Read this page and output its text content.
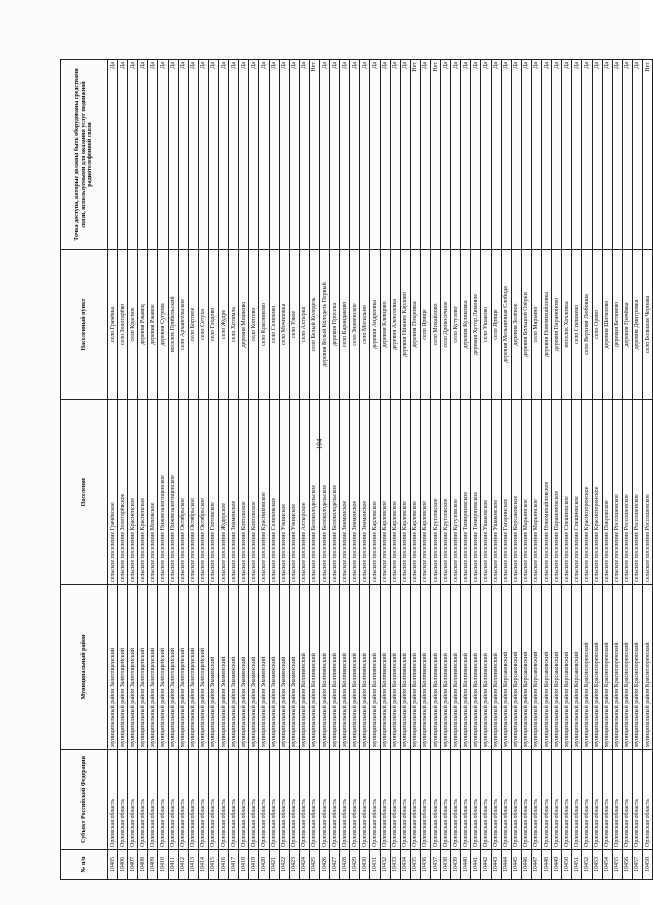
104
№ п/п	Субъект Российской Федерации	Муниципальный район	Поселение	Населенный пункт	Точка доступа, которые должны быть оборудованы средствами связи, используемыми для оказания услуг подвижной радиотелефонной связи
10405	Орловская область	муниципальный район Залегощенский	сельское поселение Грачёвское	село Грачёвка	Да
10406	Орловская область	муниципальный район Залегощенский	сельское поселение Золотарёвское	село Золотарёво	Да
10407	Орловская область	муниципальный район Залегощенский	сельское поселение Красненское	село Красное	Да
10408	Орловская область	муниципальный район Залегощенский	сельское поселение Красненское	деревня Ржавец	Да
10409	Орловская область	муниципальный район Залегощенский	сельское поселение Моховское	деревня Ржавое	Да
10410	Орловская область	муниципальный район Залегощенский	сельское поселение Нижнезалегощенское	деревня Сугрова	Да
10411	Орловская область	муниципальный район Залегощенский	сельское поселение Нижнезалегощенское	поселок Прибельский	Да
10412	Орловская область	муниципальный район Залегощенский	сельское поселение Октябрьское	село Архангельское	Да
10413	Орловская область	муниципальный район Залегощенский	сельское поселение Октябрьское	село Бортное	Да
10414	Орловская область	муниципальный район Залегощенский	сельское поселение Октябрьское	село Сетуха	Да
10415	Орловская область	муниципальный район Знаменский	сельское поселение Глотовское	село Глодово	Да
10416	Орловская область	муниципальный район Знаменский	сельское поселение Жудерское	село Жудре	Да
10417	Орловская область	муниципальный район Знаменский	сельское поселение Знаменское	село Хотимль	Да
10418	Орловская область	муниципальный район Знаменский	сельское поселение Коптевское	деревня Мешково	Да
10419	Орловская область	муниципальный район Знаменский	сельское поселение Коптевское	село Коптево	Да
10420	Орловская область	муниципальный район Знаменский	сельское поселение Красниковское	село Красниково	Да
10421	Орловская область	муниципальный район Знаменский	сельское поселение Селиховское	село Селихово	Да
10422	Орловская область	муниципальный район Знаменский	сельское поселение Узкинское	село Мочиловка	Да
10423	Орловская область	муниципальный район Знаменский	сельское поселение Узкинское	село Узкое	Да
10424	Орловская область	муниципальный район Колпнянский	сельское поселение Ахтырское	село Ахтырка	Да
10425	Орловская область	муниципальный район Колпнянский	сельское поселение Белоколодезьское	село Белый Колодезь	Нет
10426	Орловская область	муниципальный район Колпнянский	сельское поселение Белоколодезьское	деревня Белый Колодезь Первый	Да
10427	Орловская область	муниципальный район Колпнянский	сельское поселение Белоколодезьское	деревня Просека	Да
10428	Орловская область	муниципальный район Колпнянский	сельское поселение Знаменское	село Карандаково	Да
10429	Орловская область	муниципальный район Колпнянский	сельское поселение Знаменское	село Знаменское	Да
10430	Орловская область	муниципальный район Колпнянский	сельское поселение Знаменское	село Могильно	Да
10431	Орловская область	муниципальный район Колпнянский	сельское поселение Карловское	деревня Андреевка	Да
10432	Орловская область	муниципальный район Колпнянский	сельское поселение Карловское	деревня Клевцово	Да
10433	Орловская область	муниципальный район Колпнянский	сельское поселение Карловское	деревня Алексеевка	Да
10434	Орловская область	муниципальный район Колпнянский	сельское поселение Карловское	деревня Нижнее Карлово	Да
10435	Орловская область	муниципальный район Колпнянский	сельское поселение Карловское	деревня Покровка	Нет
10436	Орловская область	муниципальный район Колпнянский	сельское поселение Карловское	село Ярище	Да
10437	Орловская область	муниципальный район Колпнянский	сельское поселение Кругловское	село Михайлово	Нет
10438	Орловская область	муниципальный район Колпнянский	сельское поселение Кругловское	село Дровосечное	Да
10439	Орловская область	муниципальный район Колпнянский	сельское поселение Кутузовское	село Кутузово	Да
10440	Орловская область	муниципальный район Колпнянский	сельское поселение Тимирязевское	деревня Куликовка	Да
10441	Орловская область	муниципальный район Колпнянский	сельское поселение Тимирязевское	деревня Хутор Лимовое	Да
10442	Орловская область	муниципальный район Колпнянский	сельское поселение Ушаковское	село Ушаково	Да
10443	Орловская область	муниципальный район Колпнянский	сельское поселение Ушаковское	село Ярище	Да
10444	Орловская область	муниципальный район Корсаковский	сельское поселение Гагаринское	деревня Мельничная Слобода	Да
10445	Орловская область	муниципальный район Корсаковский	сельское поселение Корсаковское	деревня Зелёное	Да
10446	Орловская область	муниципальный район Корсаковский	сельское поселение Марьинское	деревня Большой Озёрки	Да
10447	Орловская область	муниципальный район Корсаковский	сельское поселение Марьинское	село Марьино	Да
10448	Орловская область	муниципальный район Корсаковский	сельское поселение Новомихайловское	деревня Новомихайловка	Да
10449	Орловская область	муниципальный район Корсаковский	сельское поселение Парамоновское	деревня Парамоново	Да
10450	Орловская область	муниципальный район Корсаковский	сельское поселение Спешневское	поселок Хохловка	Да
10451	Орловская область	муниципальный район Корсаковский	сельское поселение Спешневское	село Спешнево	Да
10452	Орловская область	муниципальный район Краснозоренский	сельское поселение Краснозоренское	село Верхняя Любовша	Да
10453	Орловская область	муниципальный район Краснозоренский	сельское поселение Краснозоренское	село Орево	Да
10454	Орловская область	муниципальный район Краснозоренский	сельское поселение Покровское	деревня Шатилово	Да
10455	Орловская область	муниципальный район Краснозоренский	сельское поселение Россошенское	деревня Бетинево	Да
10456	Орловская область	муниципальный район Краснозоренский	сельское поселение Россошенское	деревня Грачёвка	Да
10457	Орловская область	муниципальный район Краснозоренский	сельское поселение Россошенское	деревня Дмитровка	Да
10458	Орловская область	муниципальный район Краснозоренский	сельское поселение Россошенское	село Большая Чернава	Нет
